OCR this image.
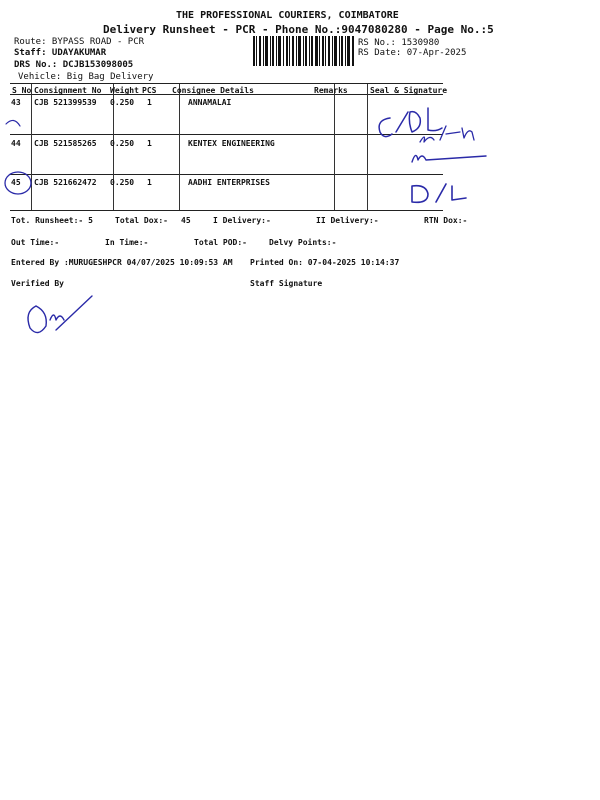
THE PROFESSIONAL COURIERS, COIMBATORE
Delivery Runsheet - PCR - Phone No.:9047080280 - Page No.:5
Route: BYPASS ROAD - PCR
Staff: UDAYAKUMAR
DRS No.: DCJB153098005
Vehicle: Big Bag Delivery
RS No.: 1530980
RS Date: 07-Apr-2025
S No Consignment No Weight PCS Consignee Details	Remarks	Seal & Signature
43 CJB 521399539 0.250 1	ANNAMALAI
44 CJB 521585265 0.250 1	KENTEX ENGINEERING
45 CJB 521662472 0.250 1	AADHI ENTERPRISES
Tot. Runsheet:- 5	Total Dox:- 45	I Delivery:-	II Delivery:-	RTN Dox:-
Out Time:-	In Time:-	Total POD:-	Delvy Points:-
Entered By :MURUGESHPCR 04/07/2025 10:09:53 AM Printed On: 07-04-2025 10:14:37
Verified By	Staff Signature
